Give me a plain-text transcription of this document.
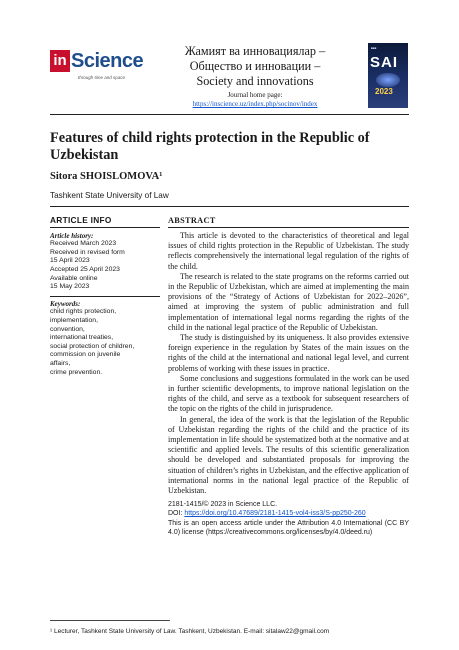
in Science
through time and space
Жамият ва инновациялар –
Общество и инновации –
Society and innovations
Journal home page:
https://inscience.uz/index.php/socinov/index
■■■
SAI
2023
Features of child rights protection in the Republic of Uzbekistan
Sitora SHOISLOMOVA¹
Tashkent State University of Law
ARTICLE INFO
Article history:
Received March 2023
Received in revised form
15 April 2023
Accepted 25 April 2023
Available online
15 May 2023
Keywords:
child rights protection,
implementation,
convention,
international treaties,
social protection of children,
commission on juvenile
affairs,
crime prevention.
ABSTRACT

This article is devoted to the characteristics of theoretical and legal issues of child rights protection in the Republic of Uzbekistan. The study reflects comprehensively the international legal regulation of the rights of the child.

The research is related to the state programs on the reforms carried out in the Republic of Uzbekistan, which are aimed at implementing the main provisions of the “Strategy of Actions of Uzbekistan for 2022–2026”, aimed at improving the system of public administration and full implementation of international legal norms regarding the rights of the child in the national legal practice of the Republic of Uzbekistan.

The study is distinguished by its uniqueness. It also provides extensive foreign experience in the regulation by States of the main issues on the rights of the child at the international and national legal level, and current problems of working with these issues in practice.

Some conclusions and suggestions formulated in the work can be used in further scientific developments, to improve national legislation on the rights of the child, and serve as a textbook for subsequent researchers of the topic on the rights of the child in jurisprudence.

In general, the idea of the work is that the legislation of the Republic of Uzbekistan regarding the rights of the child and the practice of its implementation in life should be systematized both at the normative and at scientific and applied levels. The results of this scientific generalization should be developed and substantiated proposals for improving the situation of children’s rights in Uzbekistan, and the effective application of international norms in the national legal practice of the Republic of Uzbekistan.

2181-1415/© 2023 in Science LLC.
DOI: https://doi.org/10.47689/2181-1415-vol4-iss3/S-pp250-260
This is an open access article under the Attribution 4.0 International (CC BY 4.0) license (https://creativecommons.org/licenses/by/4.0/deed.ru)
¹ Lecturer, Tashkent State University of Law. Tashkent, Uzbekistan. E-mail: sitalaw22@gmail.com
